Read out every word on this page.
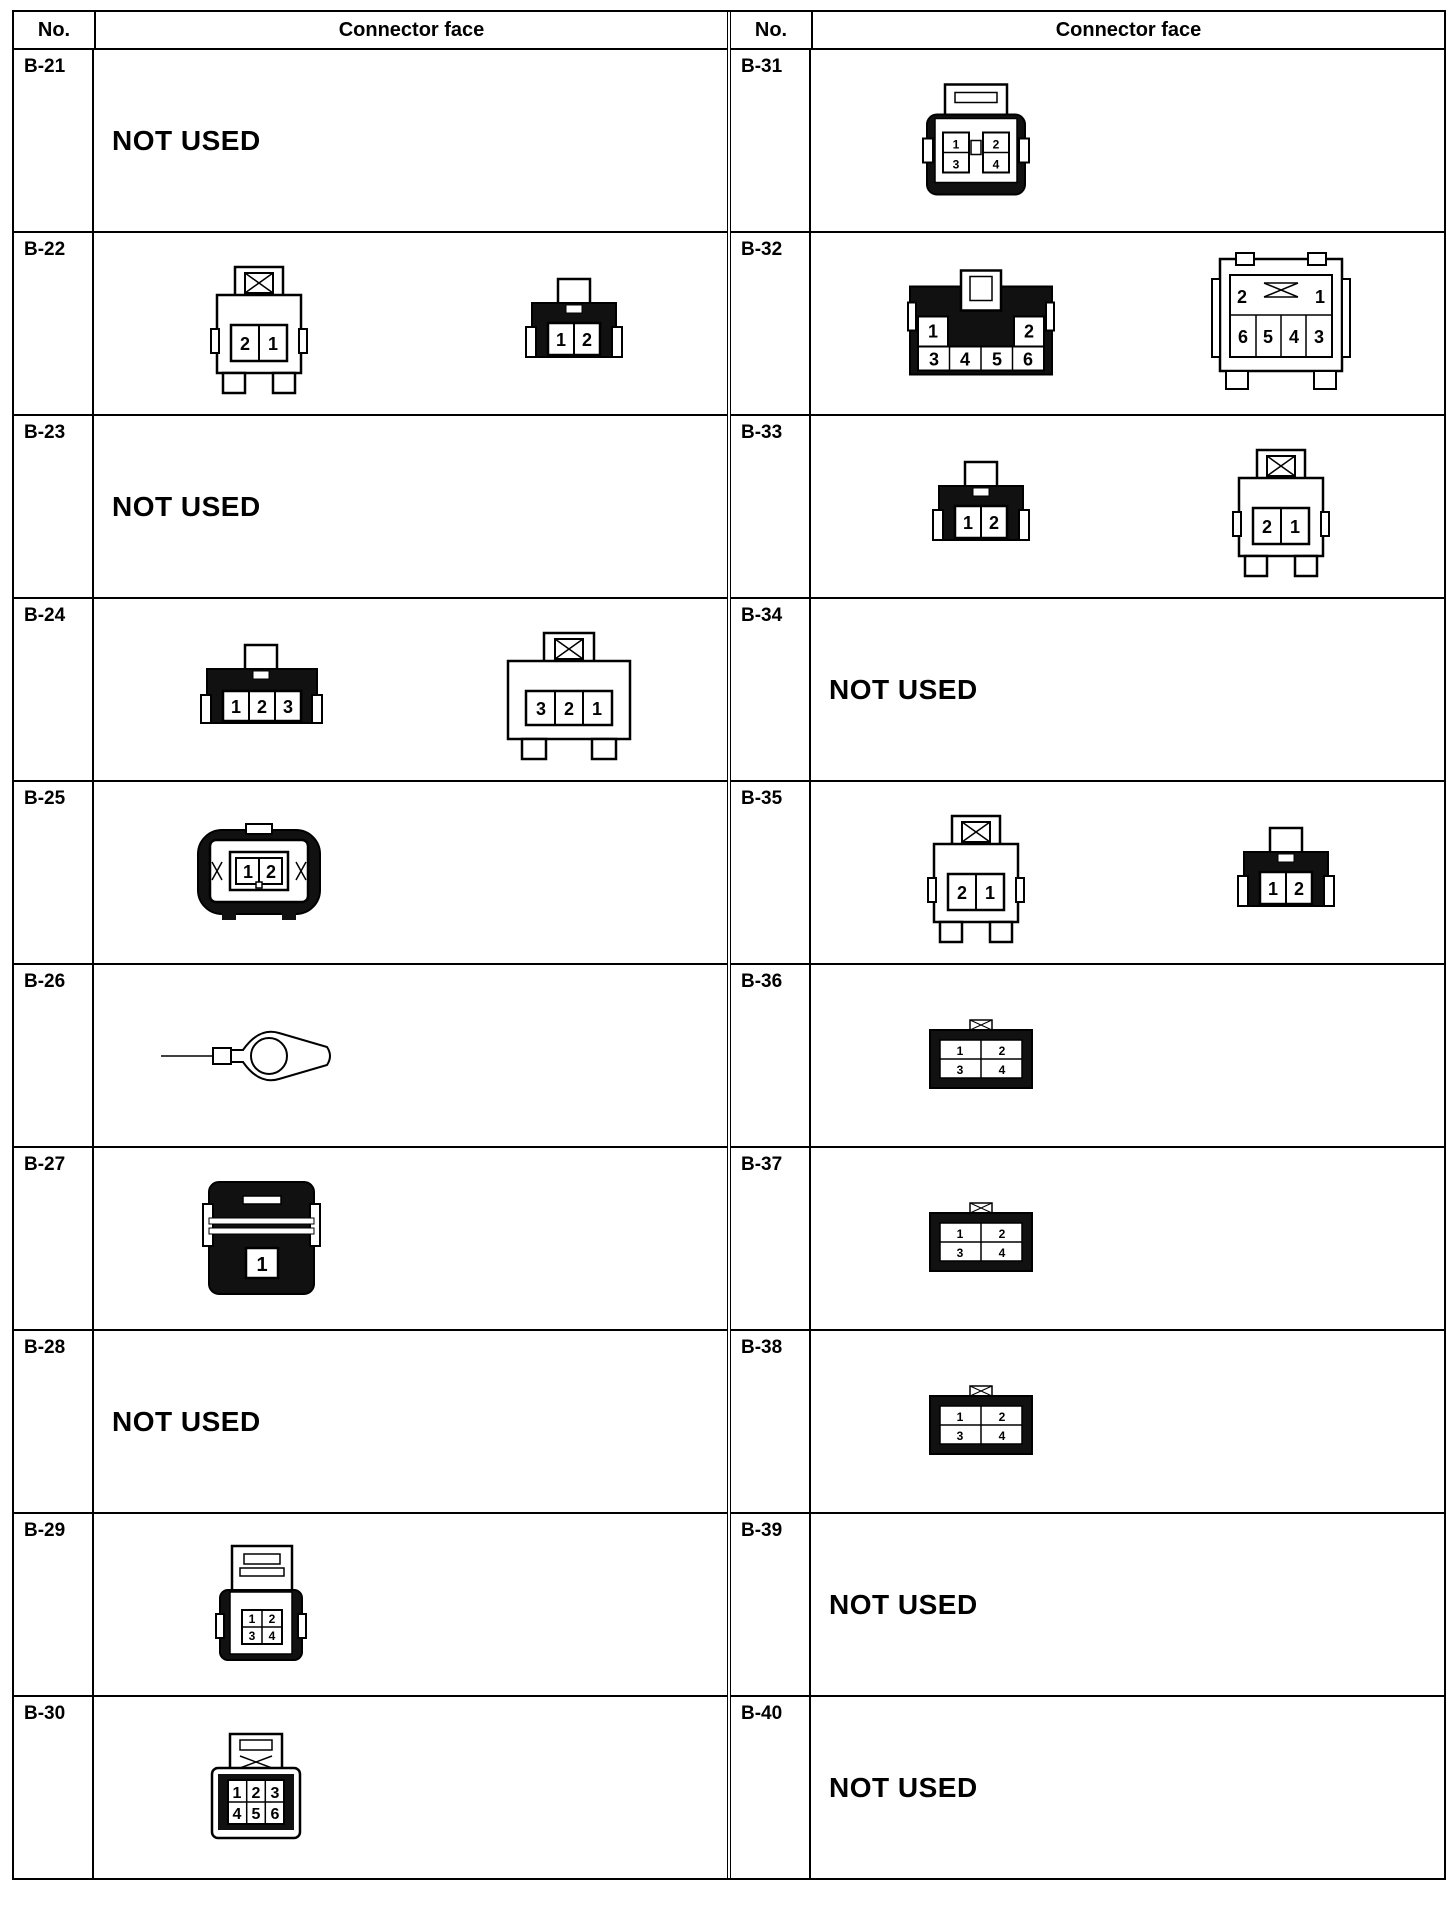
No.	Connector face
B-21
NOT USED
B-22
2 1	1 2
B-23
NOT USED
B-24
1 2 3	3 2 1
B-25
1 2
B-26
B-27
1
B-28
NOT USED
B-29
1 2
3 4
B-30
1 2 3
4 5 6
No.	Connector face
B-31
1	2
3	4
B-32
1	2
3 4 5 6
2	1
6 5 4 3
B-33
1 2	2 1
B-34
NOT USED
B-35
2 1	1 2
B-36
1	2
3	4
B-37
1	2
3	4
B-38
1	2
3	4
B-39
NOT USED
B-40
NOT USED
